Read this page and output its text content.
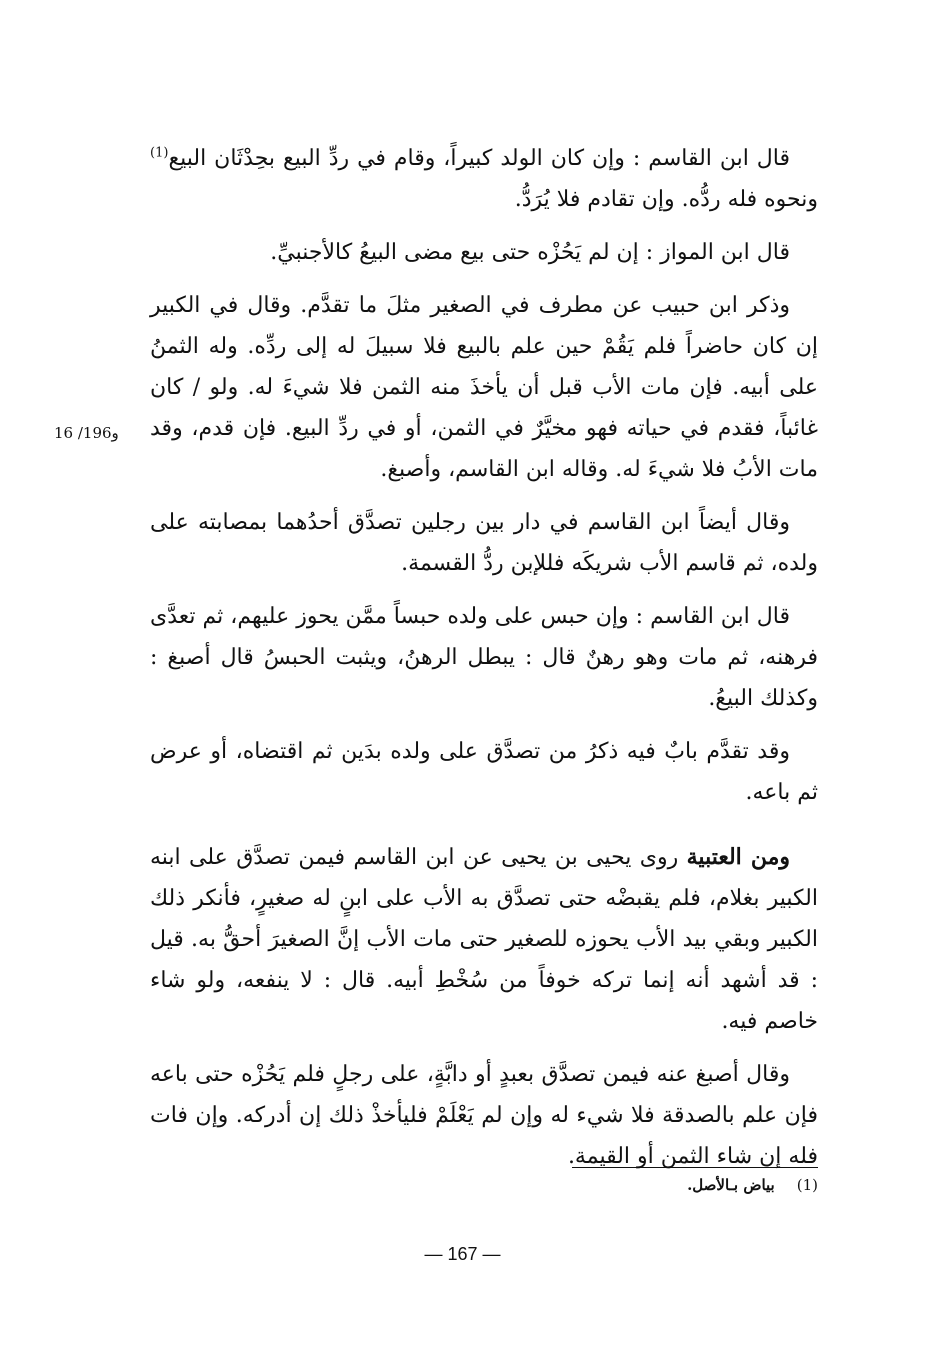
16 /196و

قال ابن القاسم : وإن كان الولد كبيراً، وقام في ردِّ البيع بحِدْثَان البيع$^{(1)}$ ونحوه فله ردُّه. وإن تقادم فلا يُرَدُّ.

قال ابن المواز : إن لم يَحُزْه حتى بيع مضى البيعُ كالأجنبيِّ.

وذكر ابن حبيب عن مطرف في الصغير مثلَ ما تقدَّم. وقال في الكبير إن كان حاضراً فلم يَقُمْ حين علم بالبيع فلا سبيلَ له إلى ردِّه. وله الثمنُ على أبيه. فإن مات الأب قبل أن يأخذَ منه الثمن فلا شيءَ له. ولو / كان غائباً، فقدم في حياته فهو مخيَّرٌ في الثمن، أو في ردِّ البيع. فإن قدم، وقد مات الأبُ فلا شيءَ له. وقاله ابن القاسم، وأصبغ.

وقال أيضاً ابن القاسم في دار بين رجلين تصدَّق أحدُهما بمصابته على ولده، ثم قاسم الأب شريكَه فللإبن ردُّ القسمة.

قال ابن القاسم : وإن حبس على ولده حبساً ممَّن يحوز عليهم، ثم تعدَّى فرهنه، ثم مات وهو رهنٌ قال : يبطل الرهنُ، ويثبت الحبسُ قال أصبغ : وكذلك البيعُ.

وقد تقدَّم بابٌ فيه ذكرُ من تصدَّق على ولده بدَين ثم اقتضاه، أو عرض ثم باعه.

ومن العتبية روى يحيى بن يحيى عن ابن القاسم فيمن تصدَّق على ابنه الكبير بغلام، فلم يقبضْه حتى تصدَّق به الأب على ابنٍ له صغيرٍ، فأنكر ذلك الكبير وبقي بيد الأب يحوزه للصغير حتى مات الأب إنَّ الصغيرَ أحقُّ به. قيل : قد أشهد أنه إنما تركه خوفاً من سُخْطِ أبيه. قال : لا ينفعه، ولو شاء خاصم فيه.

وقال أصبغ عنه فيمن تصدَّق بعبدٍ أو دابَّةٍ، على رجلٍ فلم يَحُزْه حتى باعه فإن علم بالصدقة فلا شيء له وإن لم يَعْلَمْ فليأخذْ ذلك إن أدركه. وإن فات فله إن شاء الثمن أو القيمة.

(1)بياض بـالأصل.
— 167 —
